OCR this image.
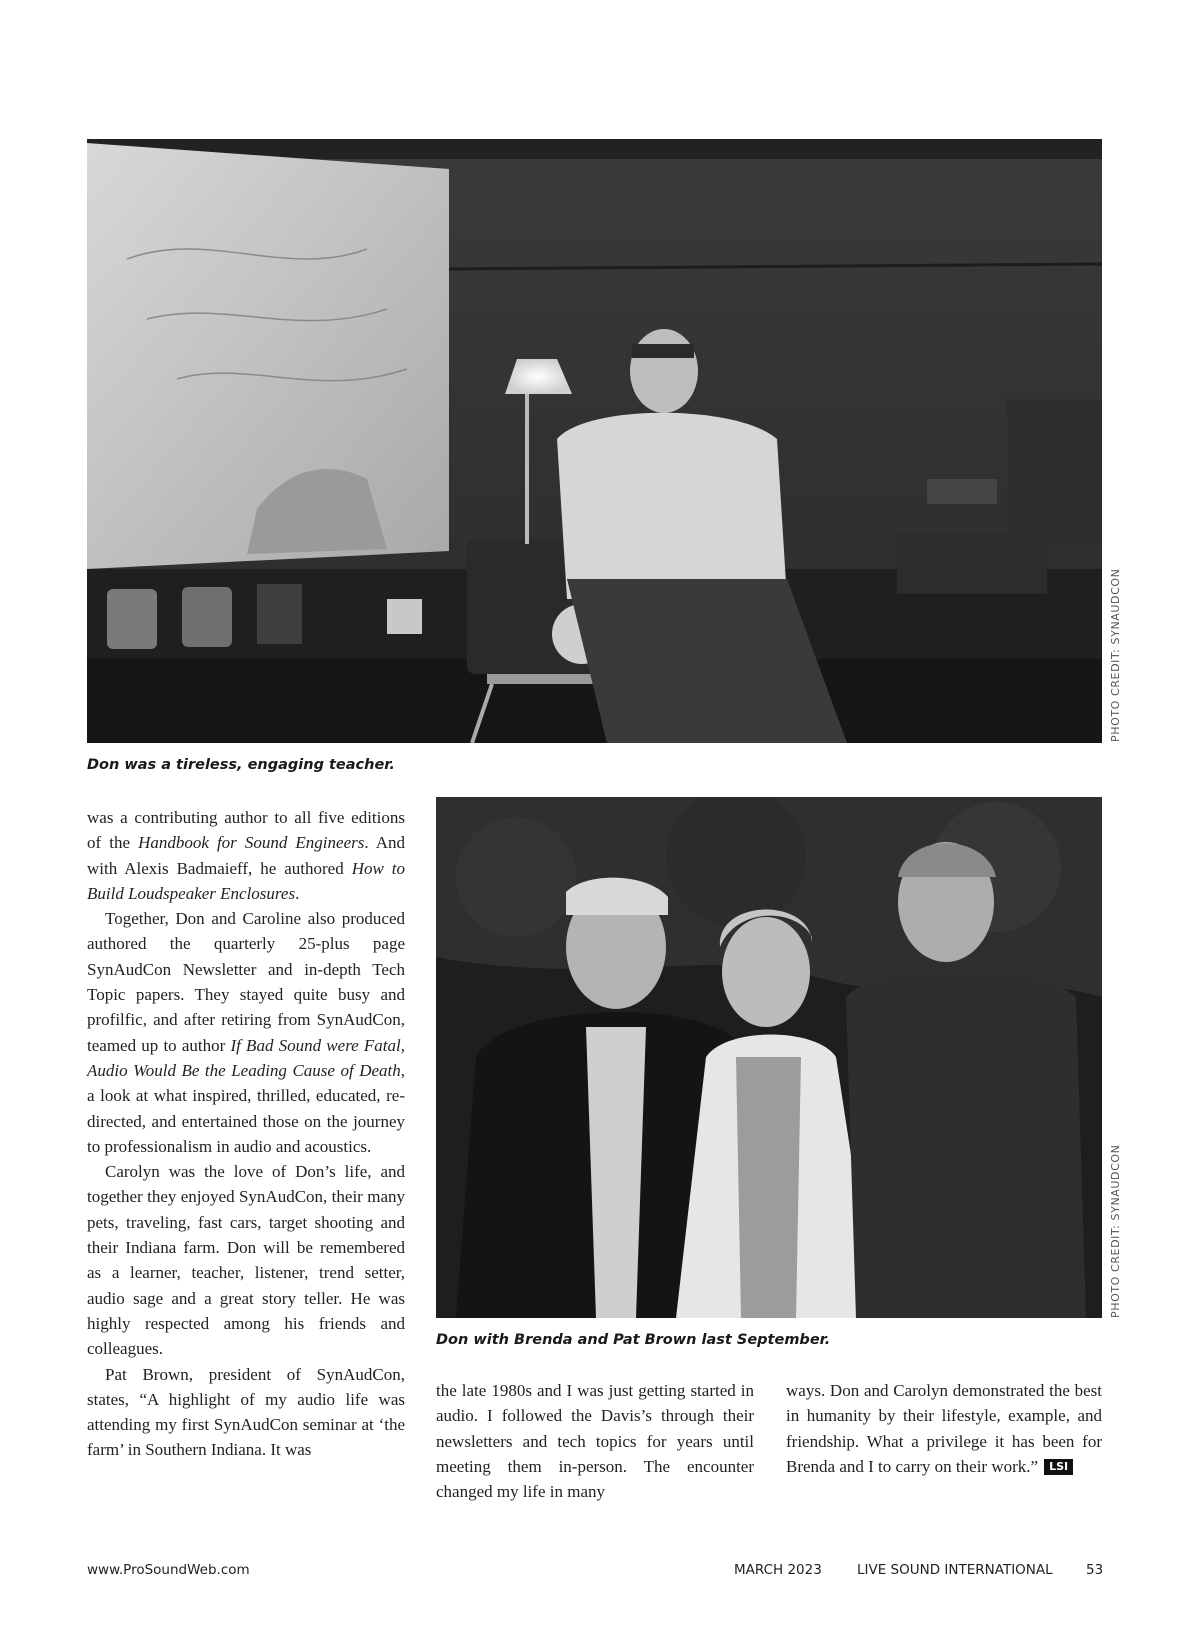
PHOTO CREDIT: SYNAUDCON
Don was a tireless, engaging teacher.
PHOTO CREDIT: SYNAUDCON
Don with Brenda and Pat Brown last September.

was a contributing author to all five editions of the Handbook for Sound Engineers. And with Alexis Badmaieff, he authored How to Build Loudspeaker Enclosures.

Together, Don and Caroline also produced authored the quarterly 25-plus page SynAudCon Newsletter and in-depth Tech Topic papers. They stayed quite busy and profilfic, and after retiring from SynAudCon, teamed up to author If Bad Sound were Fatal, Audio Would Be the Leading Cause of Death, a look at what inspired, thrilled, educated, re-directed, and entertained those on the journey to professionalism in audio and acoustics.

Carolyn was the love of Don’s life, and together they enjoyed SynAudCon, their many pets, traveling, fast cars, target shooting and their Indiana farm. Don will be remembered as a learner, teacher, listener, trend setter, audio sage and a great story teller. He was highly respected among his friends and colleagues.

Pat Brown, president of SynAudCon, states, “A highlight of my audio life was attending my first SynAudCon seminar at ‘the farm’ in Southern Indiana. It was

the late 1980s and I was just getting started in audio. I followed the Davis’s through their newsletters and tech topics for years until meeting them in-person. The encounter changed my life in many

ways. Don and Carolyn demonstrated the best in humanity by their lifestyle, example, and friendship. What a privilege it has been for Brenda and I to carry on their work.” LSI

www.ProSoundWeb.com	MARCH 2023	LIVE SOUND INTERNATIONAL 53
